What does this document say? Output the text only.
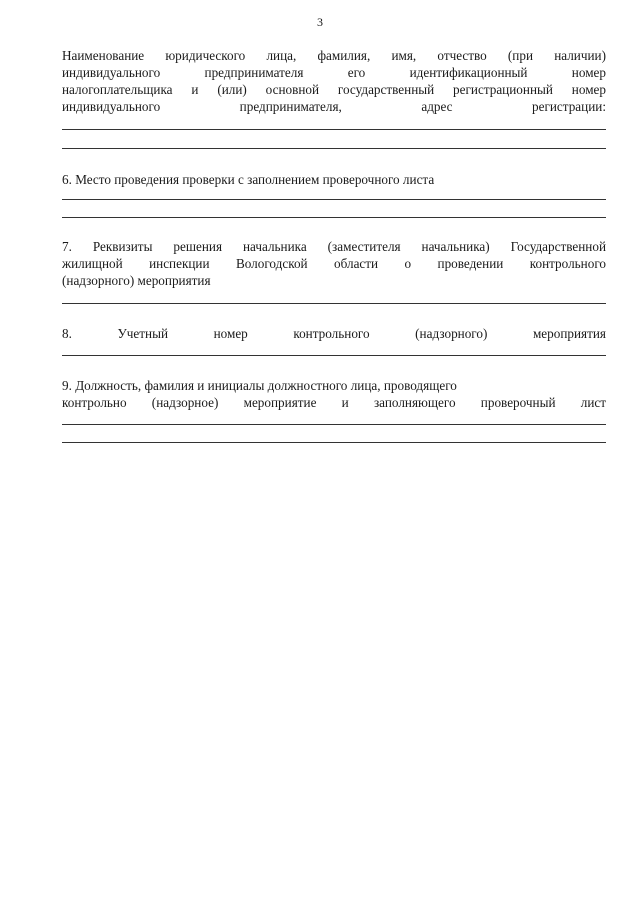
3
Наименование юридического лица, фамилия, имя, отчество (при наличии)
индивидуального предпринимателя его идентификационный номер
налогоплательщика и (или) основной государственный регистрационный номер
индивидуального предпринимателя, адрес регистрации:
6. Место проведения проверки с заполнением проверочного листа
7. Реквизиты решения начальника (заместителя начальника) Государственной
жилищной инспекции Вологодской области о проведении контрольного
(надзорного) мероприятия
8. Учетный номер контрольного (надзорного) мероприятия
9. Должность, фамилия и инициалы должностного лица, проводящего
контрольно (надзорное) мероприятие и заполняющего проверочный лист
